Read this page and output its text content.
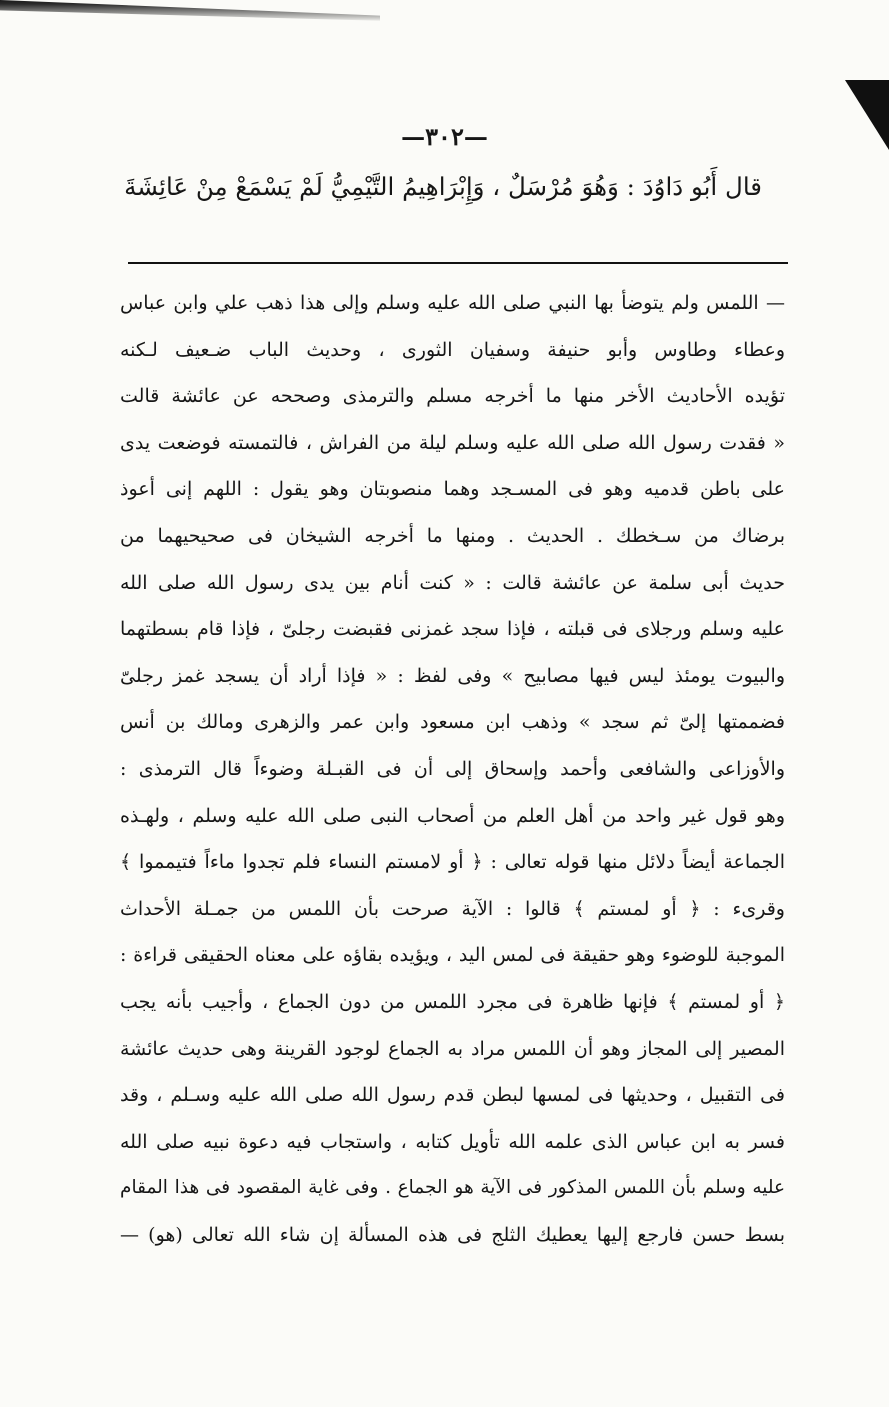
—٣٠٢—
قال أَبُو دَاوُدَ : وَهُوَ مُرْسَلٌ ، وَإِبْرَاهِيمُ التَّيْمِيُّ لَمْ يَسْمَعْ مِنْ عَائِشَةَ
— اللمس ولم يتوضأ بها النبي صلى الله عليه وسلم وإلى هذا ذهب علي وابن عباس
وعطاء وطاوس وأبو حنيفة وسفيان الثورى ، وحديث الباب ضـعيف لـكنه
تؤيده الأحاديث الأخر منها ما أخرجه مسلم والترمذى وصححه عن عائشة قالت
« فقدت رسول الله صلى الله عليه وسلم ليلة من الفراش ، فالتمسته فوضعت يدى
على باطن قدميه وهو فى المسـجد وهما منصوبتان وهو يقول : اللهم إنى أعوذ
برضاك من سـخطك . الحديث . ومنها ما أخرجه الشيخان فى صحيحيهما من
حديث أبى سلمة عن عائشة قالت : « كنت أنام بين يدى رسول الله صلى الله
عليه وسلم ورجلاى فى قبلته ، فإذا سجد غمزنى فقبضت رجلىّ ، فإذا قام بسطتهما
والبيوت يومئذ ليس فيها مصابيح » وفى لفظ : « فإذا أراد أن يسجد غمز رجلىّ
فضممتها إلىّ ثم سجد » وذهب ابن مسعود وابن عمر والزهرى ومالك بن أنس
والأوزاعى والشافعى وأحمد وإسحاق إلى أن فى القبـلة وضوءاً قال الترمذى :
وهو قول غير واحد من أهل العلم من أصحاب النبى صلى الله عليه وسلم ، ولهـذه
الجماعة أيضاً دلائل منها قوله تعالى : ﴿ أو لامستم النساء فلم تجدوا ماءاً فتيمموا ﴾
وقرىء : ﴿ أو لمستم ﴾ قالوا : الآية صرحت بأن اللمس من جمـلة الأحداث
الموجبة للوضوء وهو حقيقة فى لمس اليد ، ويؤيده بقاؤه على معناه الحقيقى قراءة :
﴿ أو لمستم ﴾ فإنها ظاهرة فى مجرد اللمس من دون الجماع ، وأجيب بأنه يجب
المصير إلى المجاز وهو أن اللمس مراد به الجماع لوجود القرينة وهى حديث عائشة
فى التقبيل ، وحديثها فى لمسها لبطن قدم رسول الله صلى الله عليه وسـلم ، وقد
فسر به ابن عباس الذى علمه الله تأويل كتابه ، واستجاب فيه دعوة نبيه صلى الله
عليه وسلم بأن اللمس المذكور فى الآية هو الجماع . وفى غاية المقصود فى هذا المقام
بسط حسن فارجع إليها يعطيك الثلج فى هذه المسألة إن شاء الله تعالى (هو) —
